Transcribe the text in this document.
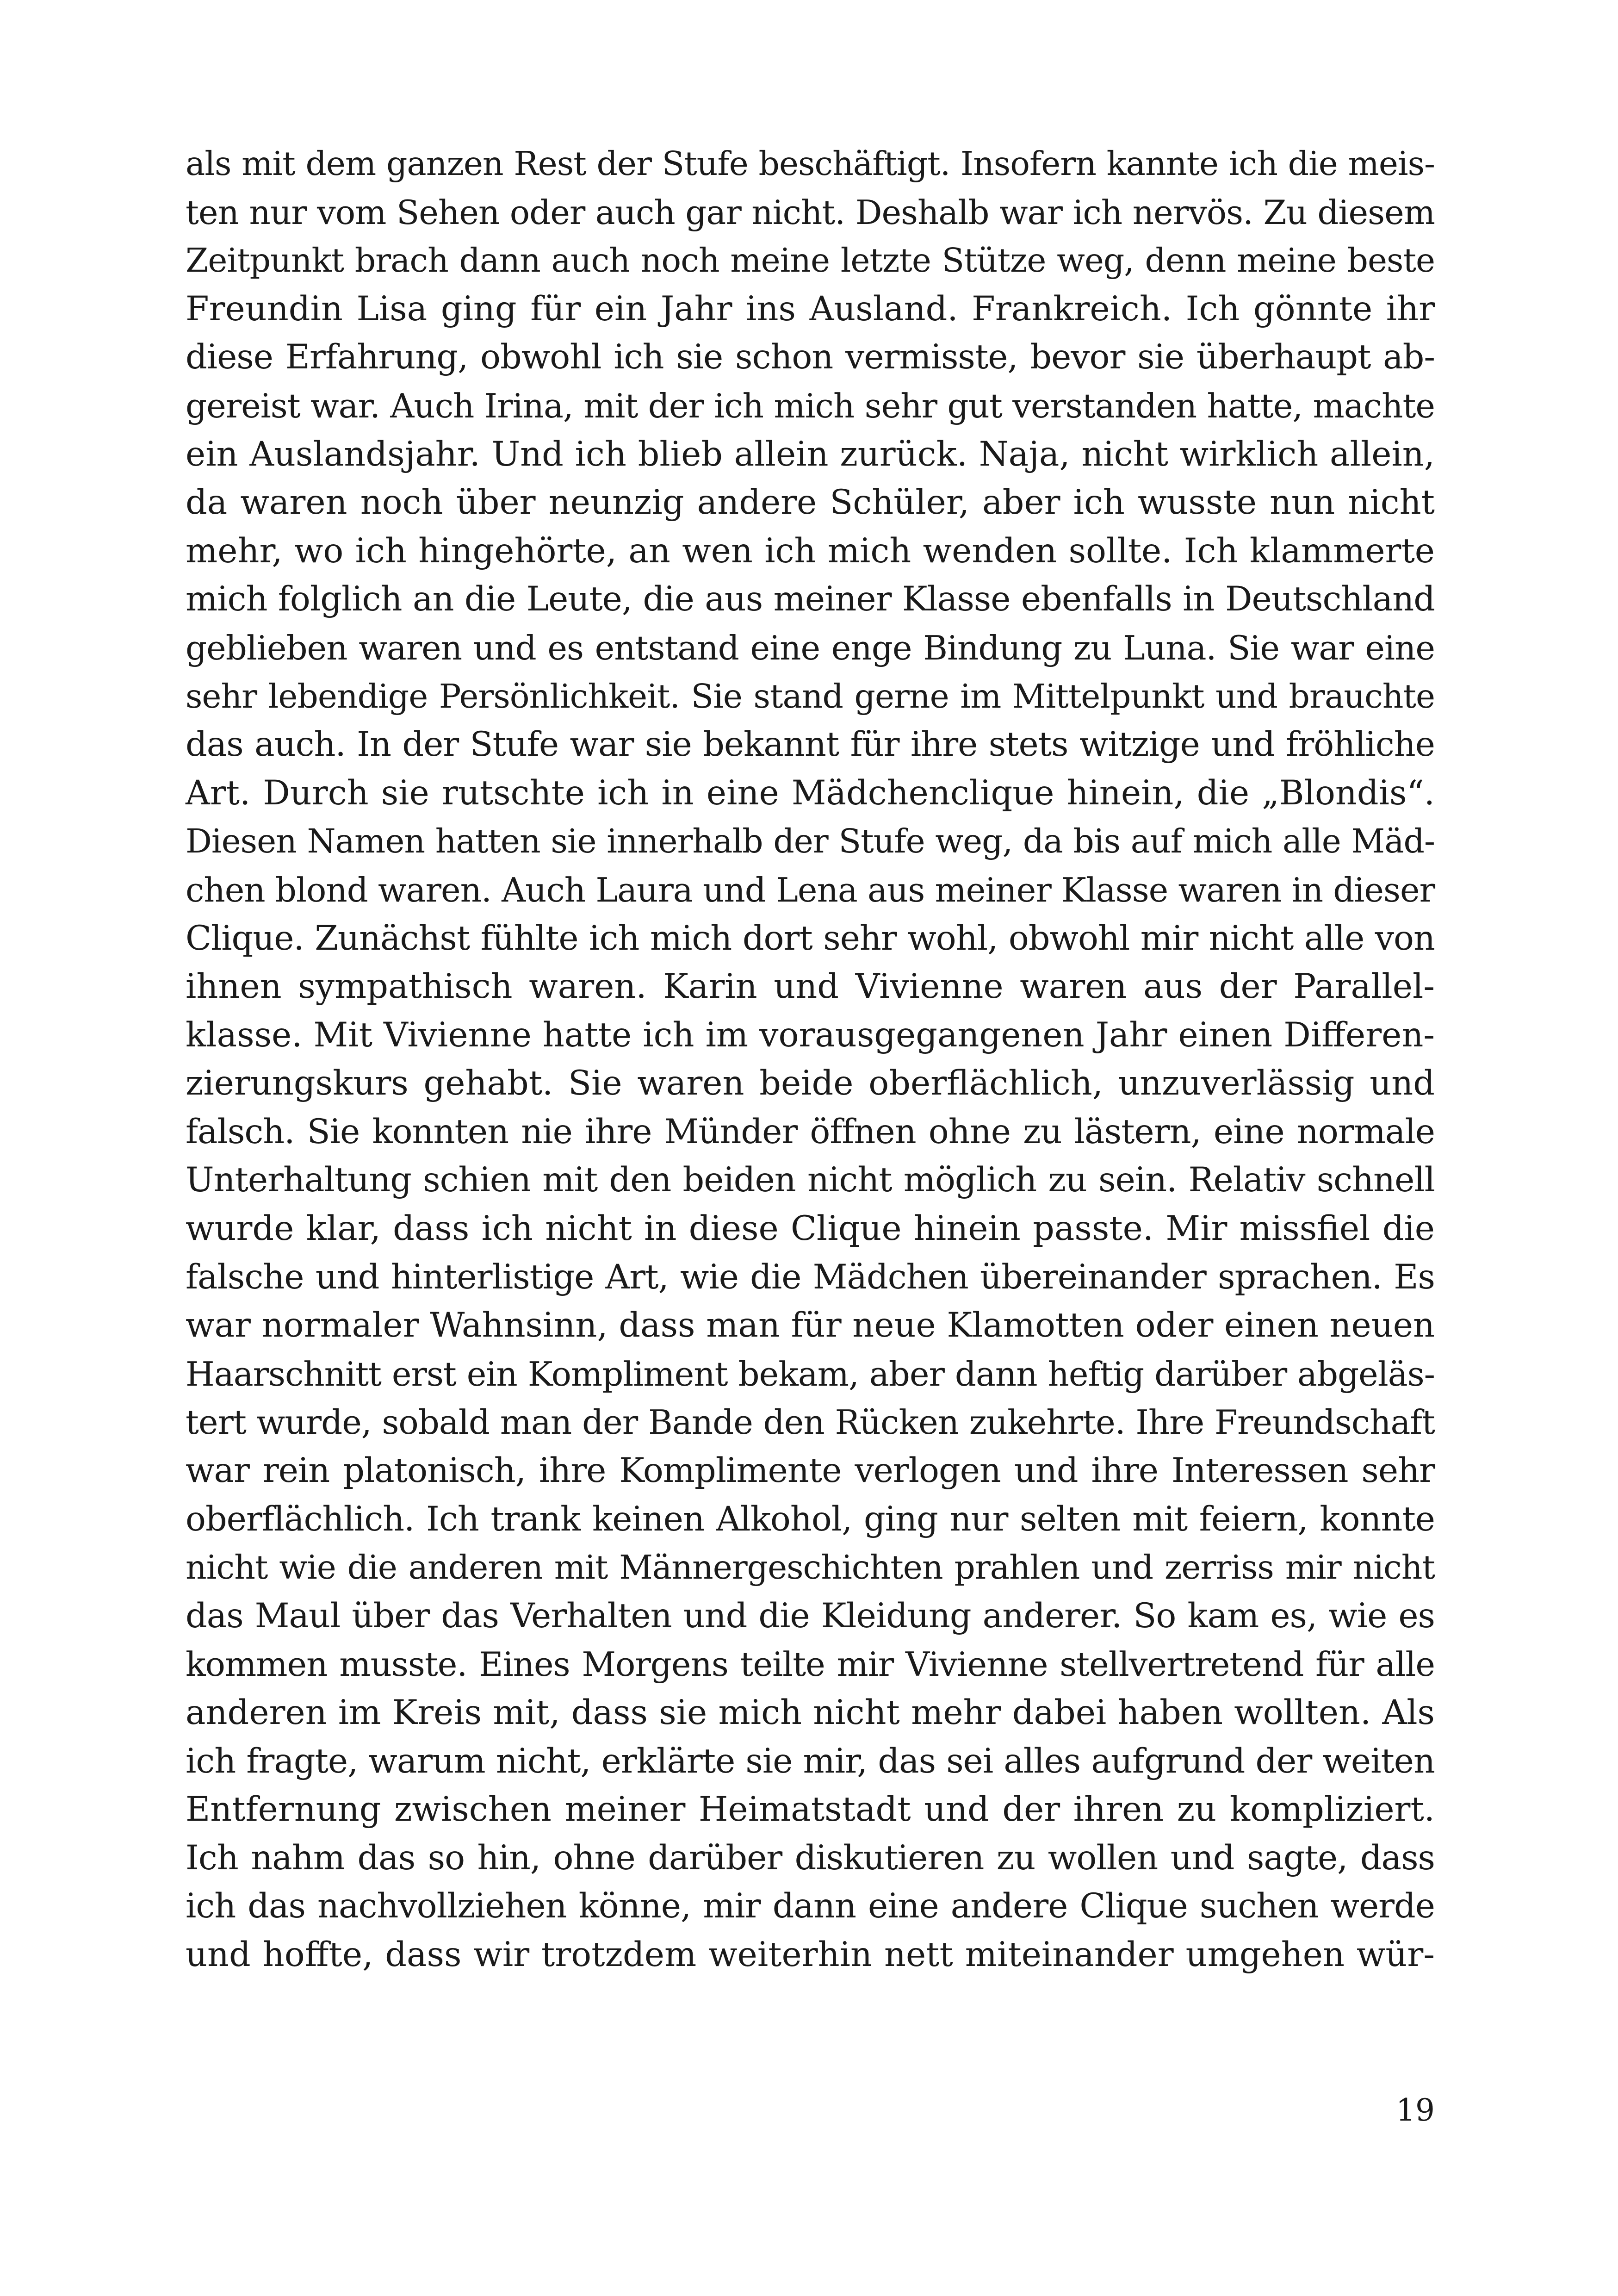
als mit dem ganzen Rest der Stufe beschäftigt. Insofern kannte ich die meis-
ten nur vom Sehen oder auch gar nicht. Deshalb war ich nervös. Zu diesem
Zeitpunkt brach dann auch noch meine letzte Stütze weg, denn meine beste
Freundin Lisa ging für ein Jahr ins Ausland. Frankreich. Ich gönnte ihr
diese Erfahrung, obwohl ich sie schon vermisste, bevor sie überhaupt ab-
gereist war. Auch Irina, mit der ich mich sehr gut verstanden hatte, machte
ein Auslandsjahr. Und ich blieb allein zurück. Naja, nicht wirklich allein,
da waren noch über neunzig andere Schüler, aber ich wusste nun nicht
mehr, wo ich hingehörte, an wen ich mich wenden sollte. Ich klammerte
mich folglich an die Leute, die aus meiner Klasse ebenfalls in Deutschland
geblieben waren und es entstand eine enge Bindung zu Luna. Sie war eine
sehr lebendige Persönlichkeit. Sie stand gerne im Mittelpunkt und brauchte
das auch. In der Stufe war sie bekannt für ihre stets witzige und fröhliche
Art. Durch sie rutschte ich in eine Mädchenclique hinein, die „Blondis“.
Diesen Namen hatten sie innerhalb der Stufe weg, da bis auf mich alle Mäd-
chen blond waren. Auch Laura und Lena aus meiner Klasse waren in dieser
Clique. Zunächst fühlte ich mich dort sehr wohl, obwohl mir nicht alle von
ihnen sympathisch waren. Karin und Vivienne waren aus der Parallel-
klasse. Mit Vivienne hatte ich im vorausgegangenen Jahr einen Differen-
zierungskurs gehabt. Sie waren beide oberflächlich, unzuverlässig und
falsch. Sie konnten nie ihre Münder öffnen ohne zu lästern, eine normale
Unterhaltung schien mit den beiden nicht möglich zu sein. Relativ schnell
wurde klar, dass ich nicht in diese Clique hinein passte. Mir missfiel die
falsche und hinterlistige Art, wie die Mädchen übereinander sprachen. Es
war normaler Wahnsinn, dass man für neue Klamotten oder einen neuen
Haarschnitt erst ein Kompliment bekam, aber dann heftig darüber abgeläs-
tert wurde, sobald man der Bande den Rücken zukehrte. Ihre Freundschaft
war rein platonisch, ihre Komplimente verlogen und ihre Interessen sehr
oberflächlich. Ich trank keinen Alkohol, ging nur selten mit feiern, konnte
nicht wie die anderen mit Männergeschichten prahlen und zerriss mir nicht
das Maul über das Verhalten und die Kleidung anderer. So kam es, wie es
kommen musste. Eines Morgens teilte mir Vivienne stellvertretend für alle
anderen im Kreis mit, dass sie mich nicht mehr dabei haben wollten. Als
ich fragte, warum nicht, erklärte sie mir, das sei alles aufgrund der weiten
Entfernung zwischen meiner Heimatstadt und der ihren zu kompliziert.
Ich nahm das so hin, ohne darüber diskutieren zu wollen und sagte, dass
ich das nachvollziehen könne, mir dann eine andere Clique suchen werde
und hoffte, dass wir trotzdem weiterhin nett miteinander umgehen wür-
19
